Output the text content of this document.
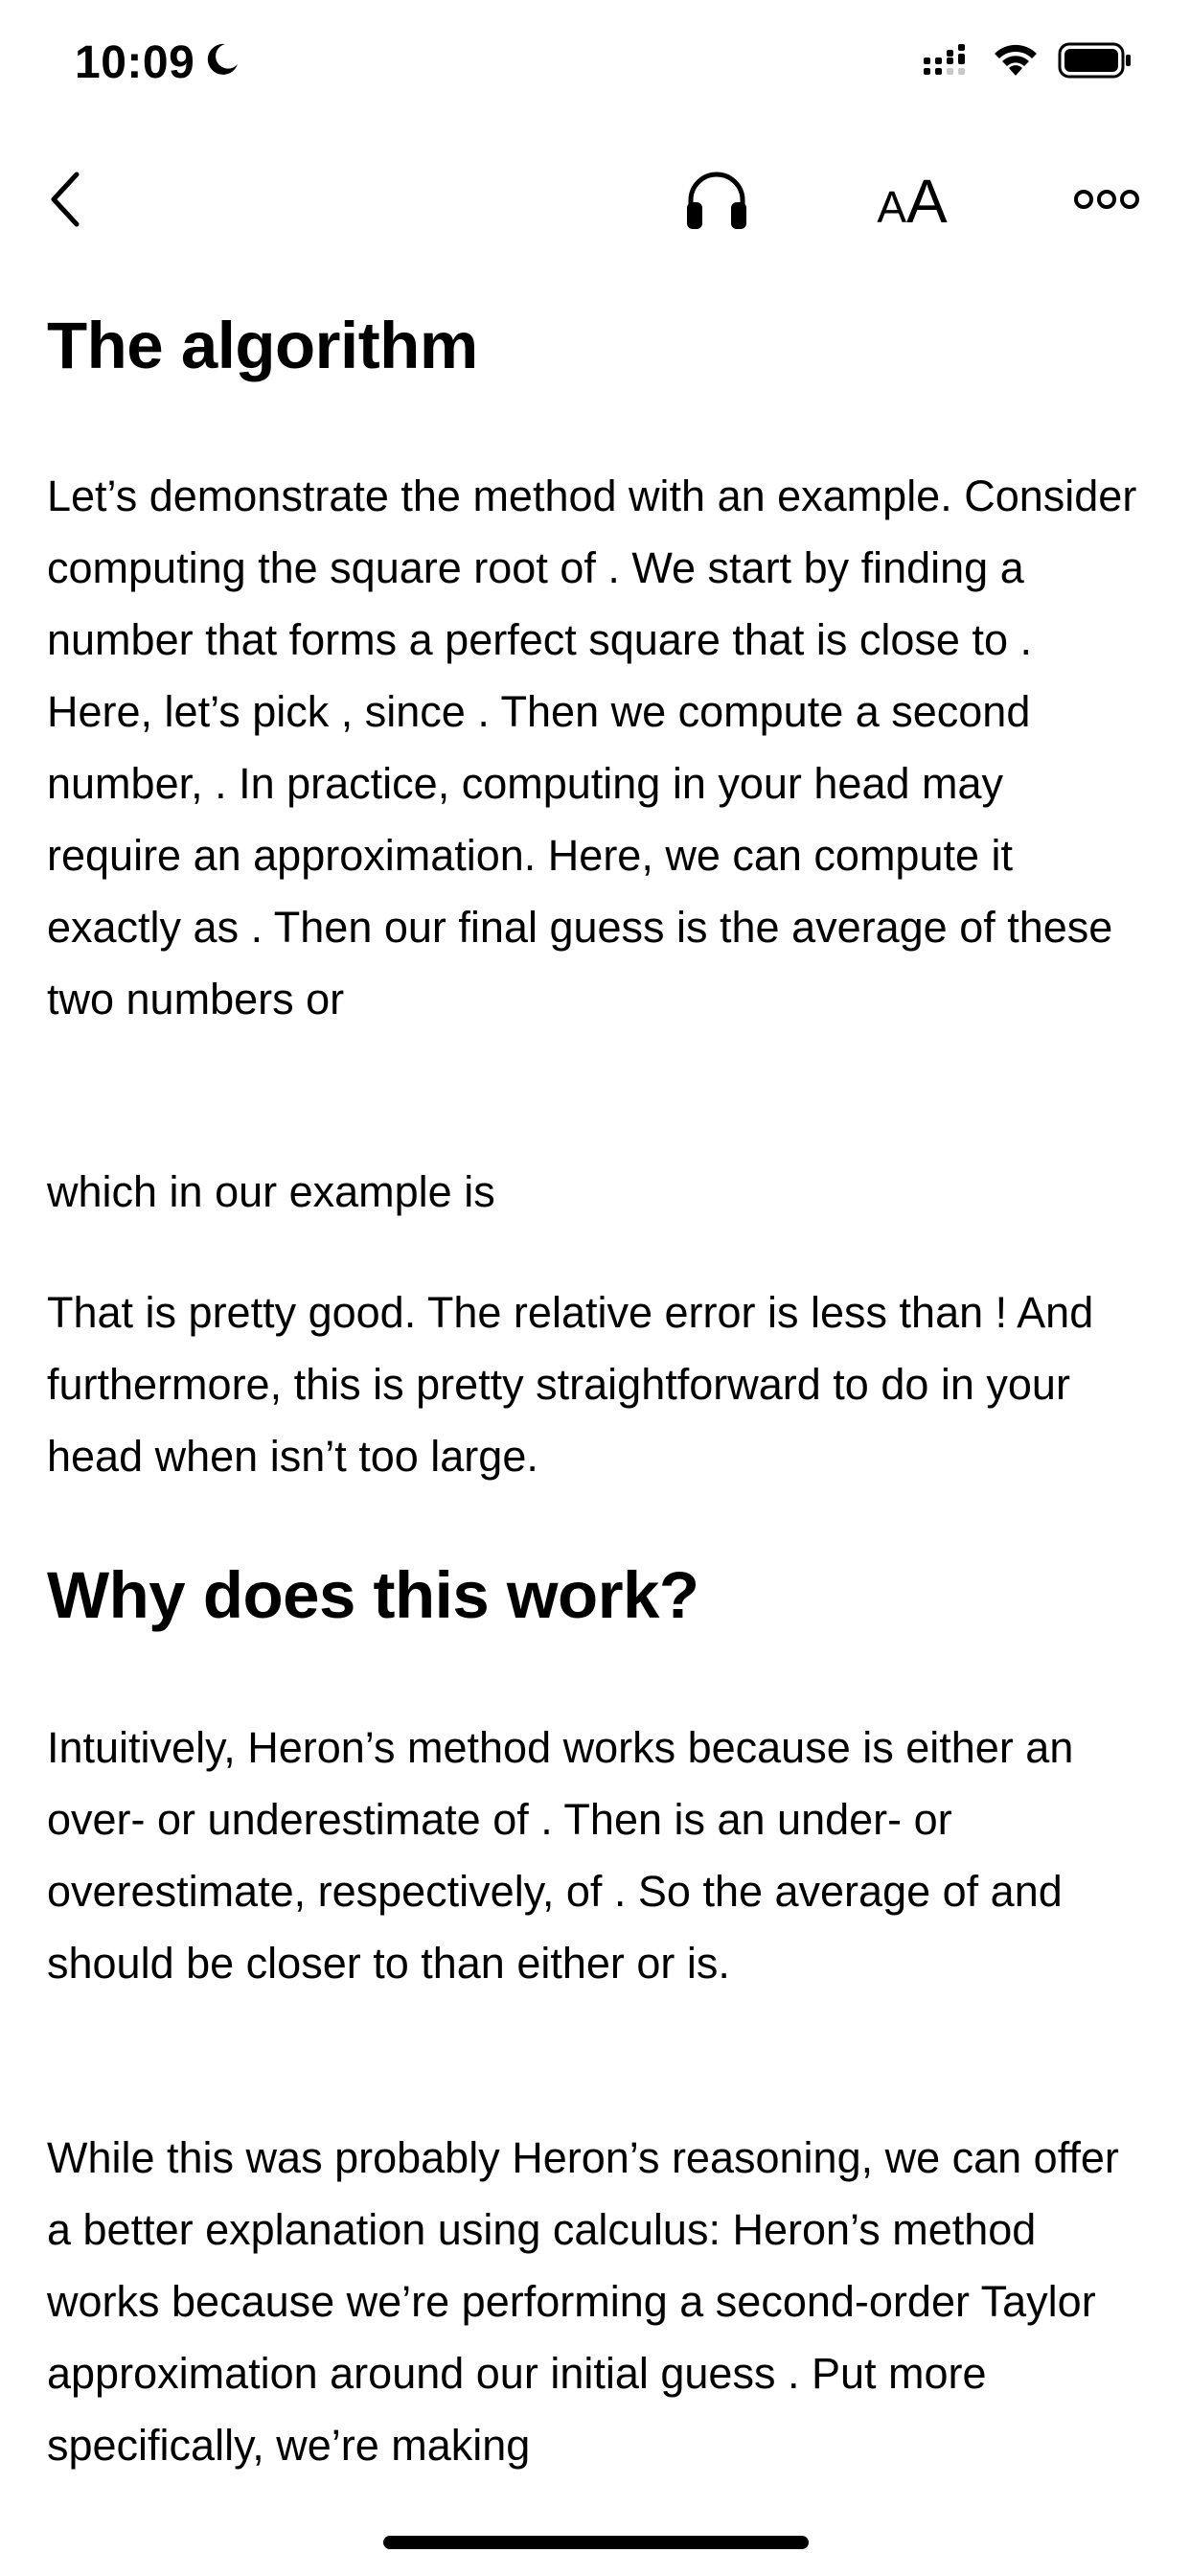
10:09
A A
The algorithm

Let’s demonstrate the method with an example. Consider computing the square root of . We start by finding a number that forms a perfect square that is close to . Here, let’s pick , since . Then we compute a second number, . In practice, computing in your head may require an approximation. Here, we can compute it exactly as . Then our final guess is the average of these two numbers or

which in our example is

That is pretty good. The relative error is less than ! And furthermore, this is pretty straightforward to do in your head when isn’t too large.

Why does this work?

Intuitively, Heron’s method works because is either an over- or underestimate of . Then is an under- or overestimate, respectively, of . So the average of and should be closer to than either or is.

While this was probably Heron’s reasoning, we can offer a better explanation using calculus: Heron’s method works because we’re performing a second-order Taylor approximation around our initial guess . Put more specifically, we’re making
